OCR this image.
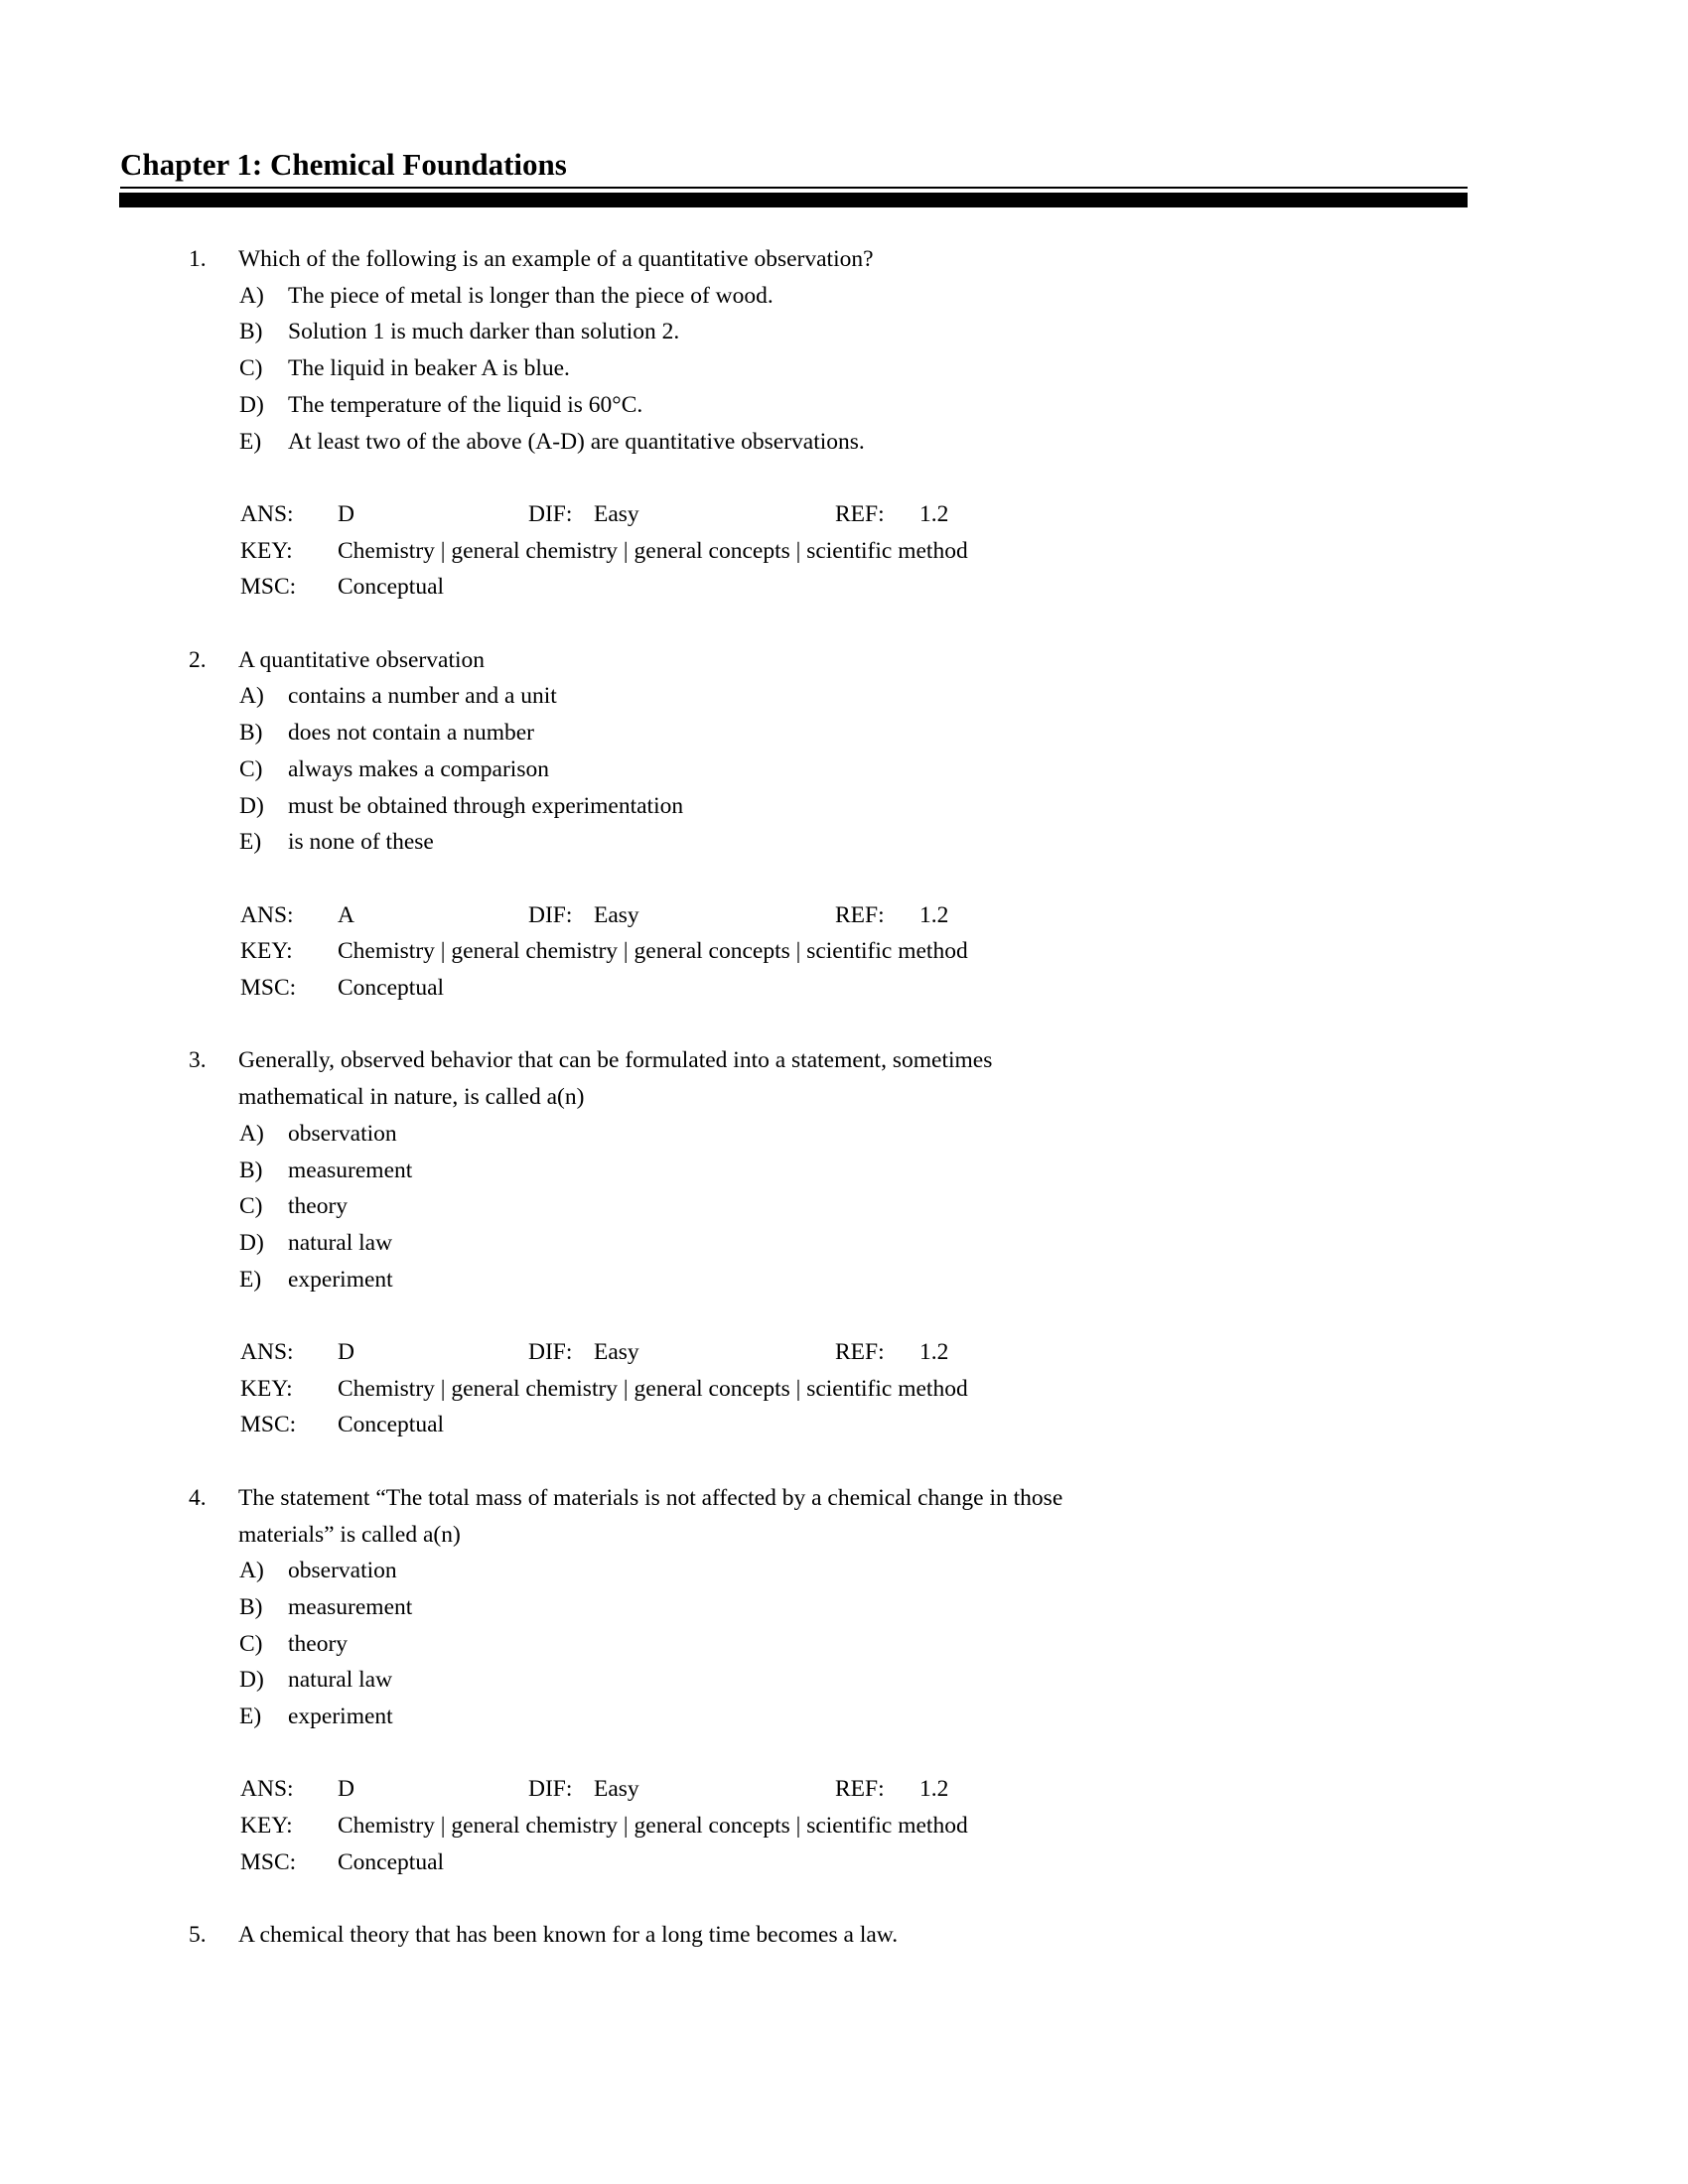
Chapter 1: Chemical Foundations
1. Which of the following is an example of a quantitative observation?
A) The piece of metal is longer than the piece of wood.
B) Solution 1 is much darker than solution 2.
C) The liquid in beaker A is blue.
D) The temperature of the liquid is 60°C.
E) At least two of the above (A-D) are quantitative observations.
ANS: D	DIF: Easy	REF: 1.2
KEY: Chemistry | general chemistry | general concepts | scientific method
MSC: Conceptual
2. A quantitative observation
A) contains a number and a unit
B) does not contain a number
C) always makes a comparison
D) must be obtained through experimentation
E) is none of these
ANS: A	DIF: Easy	REF: 1.2
KEY: Chemistry | general chemistry | general concepts | scientific method
MSC: Conceptual
3. Generally, observed behavior that can be formulated into a statement, sometimes
mathematical in nature, is called a(n)
A) observation
B) measurement
C) theory
D) natural law
E) experiment
ANS: D	DIF: Easy	REF: 1.2
KEY: Chemistry | general chemistry | general concepts | scientific method
MSC: Conceptual
4. The statement “The total mass of materials is not affected by a chemical change in those
materials” is called a(n)
A) observation
B) measurement
C) theory
D) natural law
E) experiment
ANS: D	DIF: Easy	REF: 1.2
KEY: Chemistry | general chemistry | general concepts | scientific method
MSC: Conceptual
5. A chemical theory that has been known for a long time becomes a law.
